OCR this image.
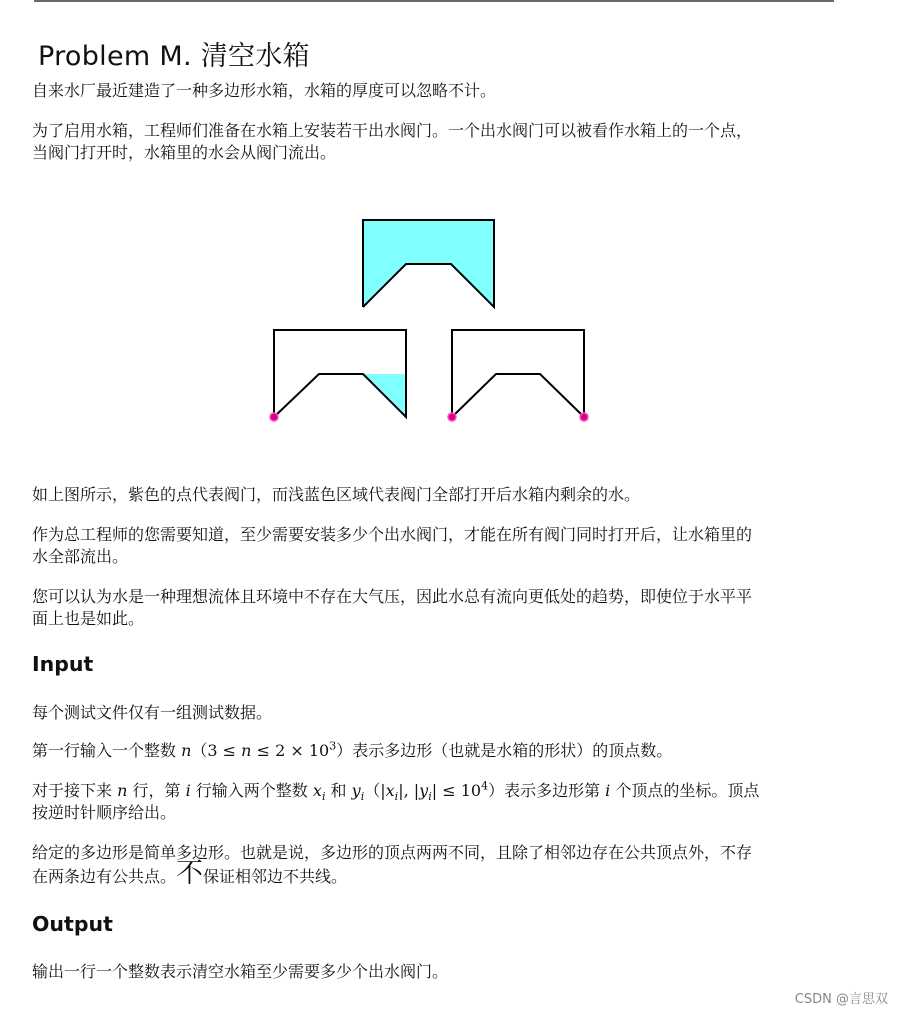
Problem M. 清空水箱

自来水厂最近建造了一种多边形水箱，水箱的厚度可以忽略不计。

为了启用水箱，工程师们准备在水箱上安装若干出水阀门。一个出水阀门可以被看作水箱上的一个点，

当阀门打开时，水箱里的水会从阀门流出。

如上图所示，紫色的点代表阀门，而浅蓝色区域代表阀门全部打开后水箱内剩余的水。

作为总工程师的您需要知道，至少需要安装多少个出水阀门，才能在所有阀门同时打开后，让水箱里的

水全部流出。

您可以认为水是一种理想流体且环境中不存在大气压，因此水总有流向更低处的趋势，即使位于水平平

面上也是如此。

Input

每个测试文件仅有一组测试数据。

第一行输入一个整数 $n(3 \le n \le 2 \times 10^3)$表示多边形（也就是水箱的形状）的顶点数。

对于接下来 n 行，第 i 行输入两个整数 $x_i$ 和 $y_i(|x_i|$, $|y_i| \le 10^4$）表示多边形第 i 个顶点的坐标。顶点

按逆时针顺序给出。

给定的多边形是简单多边形。也就是说，多边形的顶点两两不同，且除了相邻边存在公共顶点外，不存

在两条边有公共点。不保证相邻边不共线。

Output

输出一行一个整数表示清空水箱至少需要多少个出水阀门。

CSDN @言思双
